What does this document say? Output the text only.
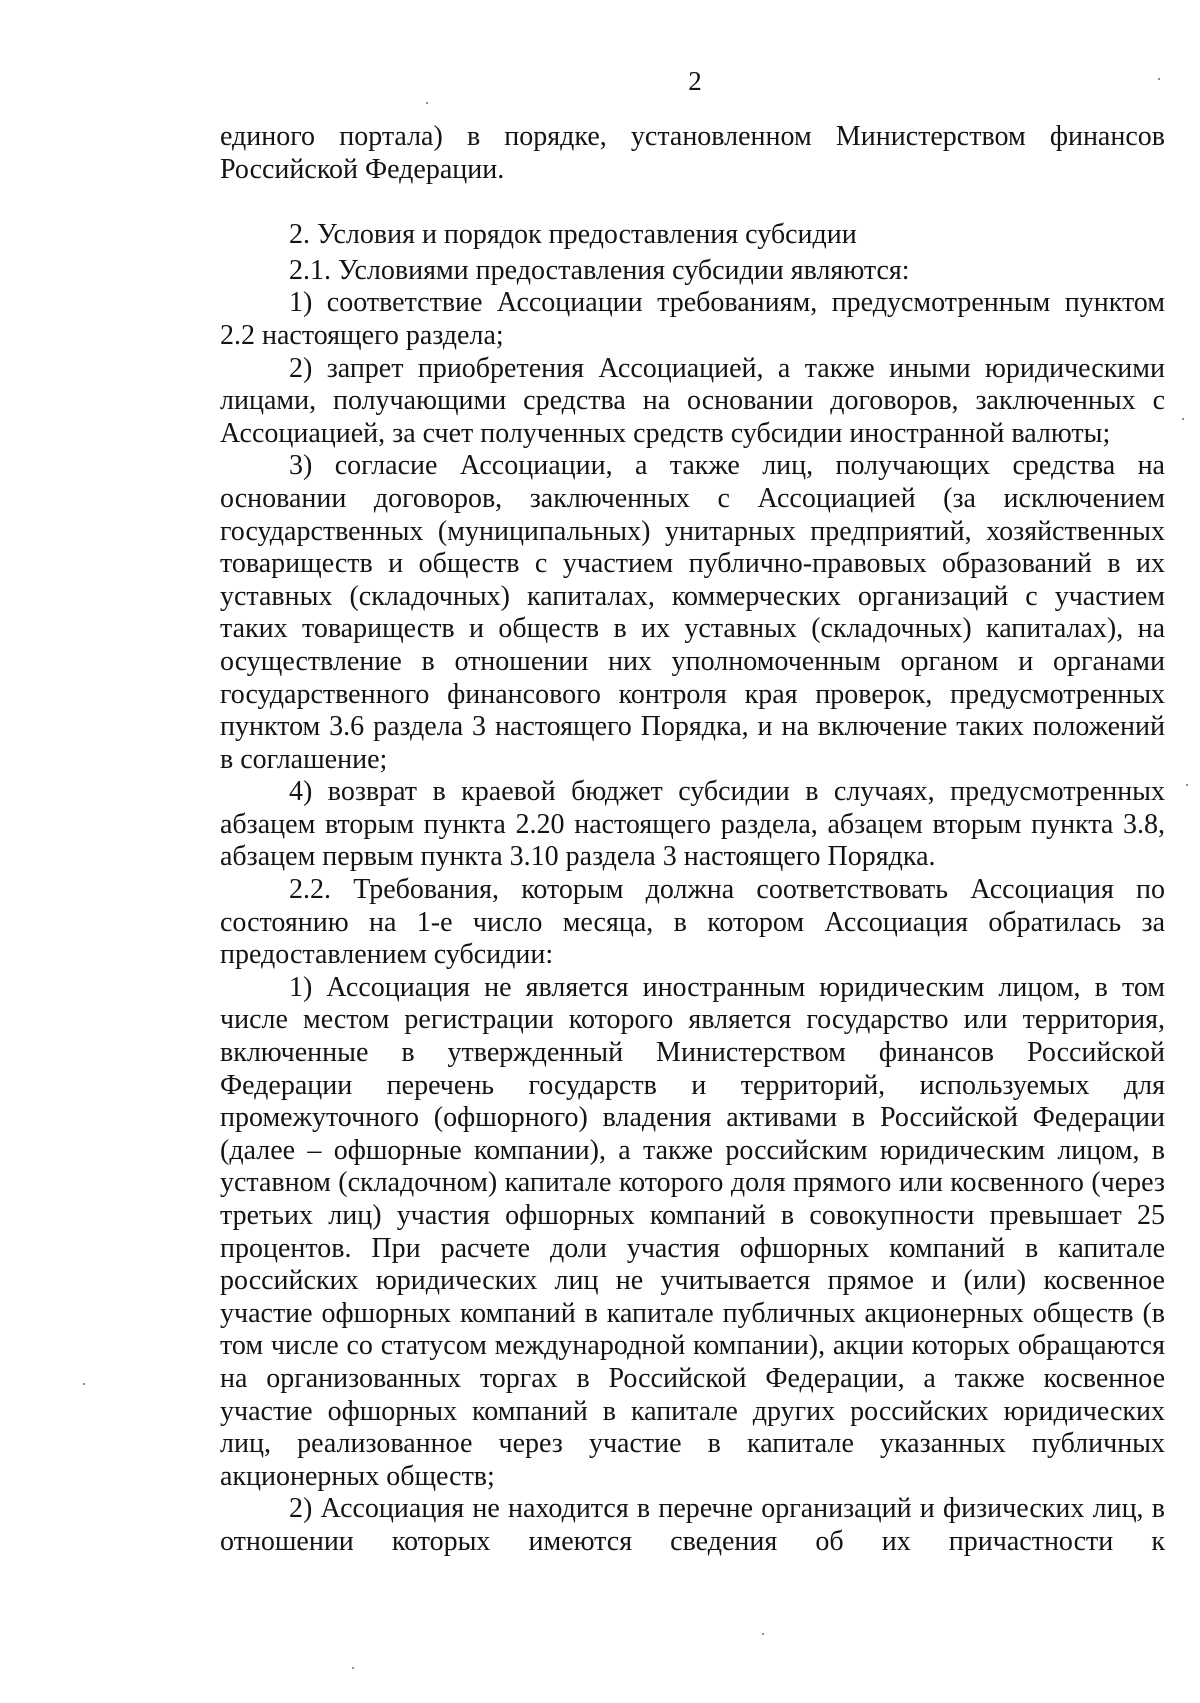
2

единого портала) в порядке, установленном Министерством финансов Российской Федерации.

2. Условия и порядок предоставления субсидии

2.1. Условиями предоставления субсидии являются:

1) соответствие Ассоциации требованиям, предусмотренным пунктом 2.2 настоящего раздела;

2) запрет приобретения Ассоциацией, а также иными юридическими лицами, получающими средства на основании договоров, заключенных с Ассоциацией, за счет полученных средств субсидии иностранной валюты;

3) согласие Ассоциации, а также лиц, получающих средства на основании договоров, заключенных с Ассоциацией (за исключением государственных (муниципальных) унитарных предприятий, хозяйственных товариществ и обществ с участием публично-правовых образований в их уставных (складочных) капиталах, коммерческих организаций с участием таких товариществ и обществ в их уставных (складочных) капиталах), на осуществление в отношении них уполномоченным органом и органами государственного финансового контроля края проверок, предусмотренных пунктом 3.6 раздела 3 настоящего Порядка, и на включение таких положений в соглашение;

4) возврат в краевой бюджет субсидии в случаях, предусмотренных абзацем вторым пункта 2.20 настоящего раздела, абзацем вторым пункта 3.8, абзацем первым пункта 3.10 раздела 3 настоящего Порядка.

2.2. Требования, которым должна соответствовать Ассоциация по состоянию на 1-е число месяца, в котором Ассоциация обратилась за предоставлением субсидии:

1) Ассоциация не является иностранным юридическим лицом, в том числе местом регистрации которого является государство или территория, включенные в утвержденный Министерством финансов Российской Федерации перечень государств и территорий, используемых для промежуточного (офшорного) владения активами в Российской Федерации (далее – офшорные компании), а также российским юридическим лицом, в уставном (складочном) капитале которого доля прямого или косвенного (через третьих лиц) участия офшорных компаний в совокупности превышает 25 процентов. При расчете доли участия офшорных компаний в капитале российских юридических лиц не учитывается прямое и (или) косвенное участие офшорных компаний в капитале публичных акционерных обществ (в том числе со статусом международной компании), акции которых обращаются на организованных торгах в Российской Федерации, а также косвенное участие офшорных компаний в капитале других российских юридических лиц, реализованное через участие в капитале указанных публичных акционерных обществ;

2) Ассоциация не находится в перечне организаций и физических лиц, в отношении которых имеются сведения об их причастности к
